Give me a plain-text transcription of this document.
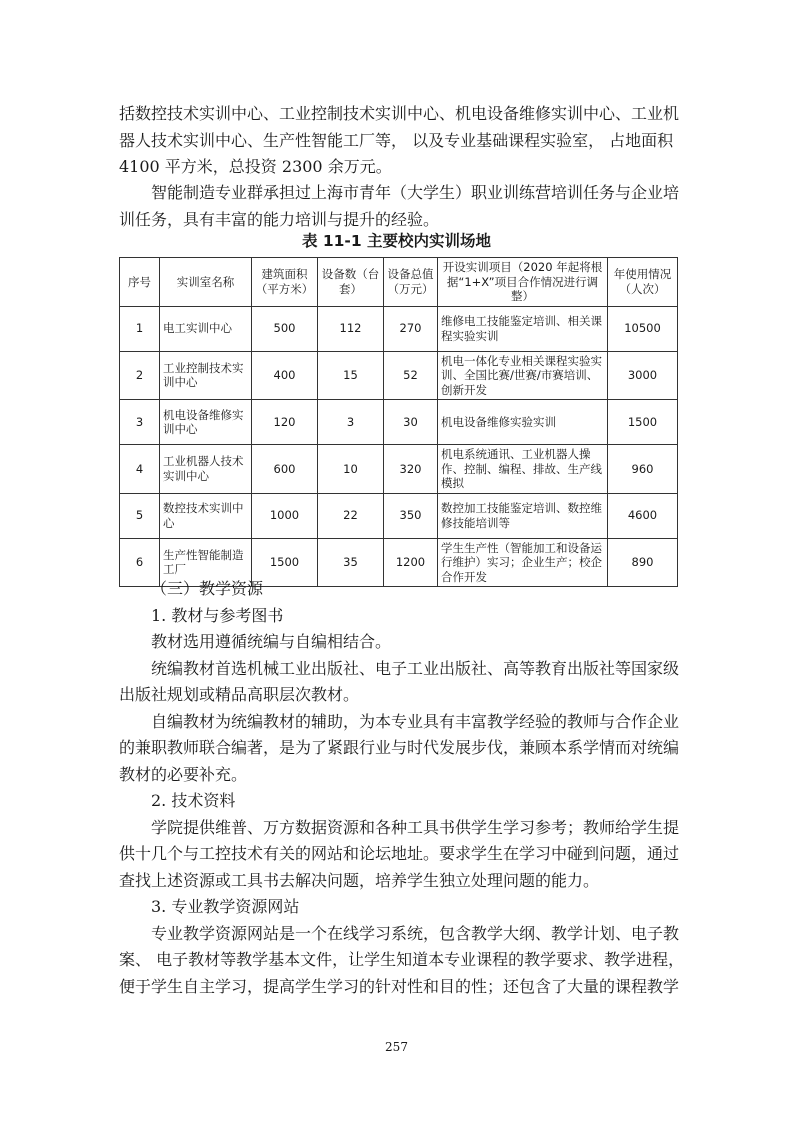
括数控技术实训中心、工业控制技术实训中心、机电设备维修实训中心、工业机
器人技术实训中心、生产性智能工厂等， 以及专业基础课程实验室， 占地面积
4100 平方米，总投资 2300 余万元。

智能制造专业群承担过上海市青年（大学生）职业训练营培训任务与企业培
训任务，具有丰富的能力培训与提升的经验。

表 11-1 主要校内实训场地
序号	实训室名称	建筑面积（平方米）	设备数（台套）	设备总值（万元）	开设实训项目（2020 年起将根据“1+X”项目合作情况进行调整）	年使用情况（人次）
1	电工实训中心	500	112	270	维修电工技能鉴定培训、相关课程实验实训	10500
2	工业控制技术实训中心	400	15	52	机电一体化专业相关课程实验实训、全国比赛/世赛/市赛培训、创新开发	3000
3	机电设备维修实训中心	120	3	30	机电设备维修实验实训	1500
4	工业机器人技术实训中心	600	10	320	机电系统通讯、工业机器人操作、控制、编程、排故、生产线模拟	960
5	数控技术实训中心	1000	22	350	数控加工技能鉴定培训、数控维修技能培训等	4600
6	生产性智能制造工厂	1500	35	1200	学生生产性（智能加工和设备运行维护）实习；企业生产；校企合作开发	890
（三）教学资源
1. 教材与参考图书
教材选用遵循统编与自编相结合。
统编教材首选机械工业出版社、电子工业出版社、高等教育出版社等国家级
出版社规划或精品高职层次教材。
自编教材为统编教材的辅助，为本专业具有丰富教学经验的教师与合作企业
的兼职教师联合编著，是为了紧跟行业与时代发展步伐，兼顾本系学情而对统编
教材的必要补充。
2. 技术资料
学院提供维普、万方数据资源和各种工具书供学生学习参考；教师给学生提
供十几个与工控技术有关的网站和论坛地址。要求学生在学习中碰到问题，通过
查找上述资源或工具书去解决问题，培养学生独立处理问题的能力。
3. 专业教学资源网站
专业教学资源网站是一个在线学习系统，包含教学大纲、教学计划、电子教
案、 电子教材等教学基本文件，让学生知道本专业课程的教学要求、教学进程，
便于学生自主学习，提高学生学习的针对性和目的性；还包含了大量的课程教学
257
